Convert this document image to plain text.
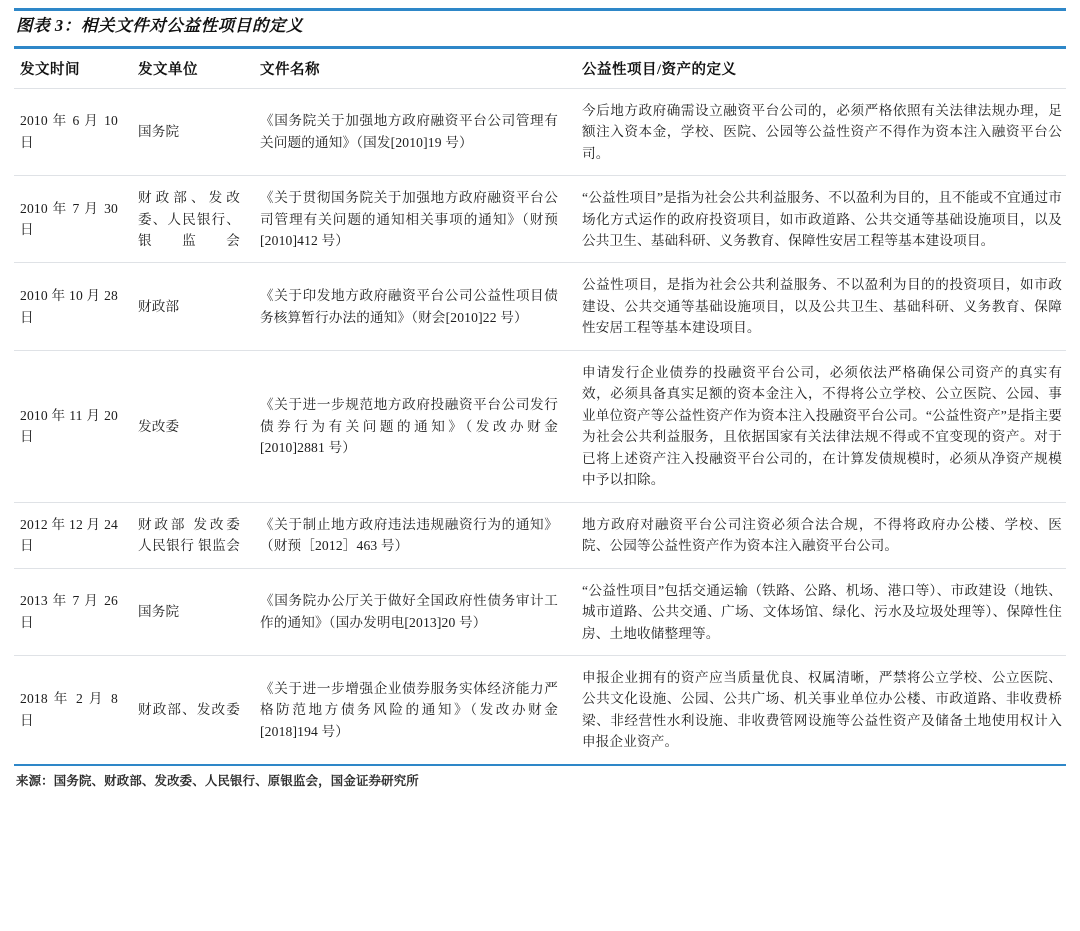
图表 3：相关文件对公益性项目的定义
发文时间	发文单位	文件名称	公益性项目/资产的定义
2010 年 6 月 10 日	国务院	《国务院关于加强地方政府融资平台公司管理有关问题的通知》（国发[2010]19 号）	今后地方政府确需设立融资平台公司的，必须严格依照有关法律法规办理，足额注入资本金，学校、医院、公园等公益性资产不得作为资本注入融资平台公司。
2010 年 7 月 30 日	财政部、发改委、人民银行、银监会	《关于贯彻国务院关于加强地方政府融资平台公司管理有关问题的通知相关事项的通知》（财预[2010]412 号）	“公益性项目”是指为社会公共利益服务、不以盈利为目的，且不能或不宜通过市场化方式运作的政府投资项目，如市政道路、公共交通等基础设施项目，以及公共卫生、基础科研、义务教育、保障性安居工程等基本建设项目。
2010 年 10 月 28 日	财政部	《关于印发地方政府融资平台公司公益性项目债务核算暂行办法的通知》（财会[2010]22 号）	公益性项目，是指为社会公共利益服务、不以盈利为目的的投资项目，如市政建设、公共交通等基础设施项目，以及公共卫生、基础科研、义务教育、保障性安居工程等基本建设项目。
2010 年 11 月 20 日	发改委	《关于进一步规范地方政府投融资平台公司发行债券行为有关问题的通知》（发改办财金[2010]2881 号）	申请发行企业债券的投融资平台公司，必须依法严格确保公司资产的真实有效，必须具备真实足额的资本金注入，不得将公立学校、公立医院、公园、事业单位资产等公益性资产作为资本注入投融资平台公司。“公益性资产”是指主要为社会公共利益服务，且依据国家有关法律法规不得或不宜变现的资产。对于已将上述资产注入投融资平台公司的，在计算发债规模时，必须从净资产规模中予以扣除。
2012 年 12 月 24 日	财政部 发改委 人民银行 银监会	《关于制止地方政府违法违规融资行为的通知》（财预［2012］463 号）	地方政府对融资平台公司注资必须合法合规，不得将政府办公楼、学校、医院、公园等公益性资产作为资本注入融资平台公司。
2013 年 7 月 26 日	国务院	《国务院办公厅关于做好全国政府性债务审计工作的通知》（国办发明电[2013]20 号）	“公益性项目”包括交通运输（铁路、公路、机场、港口等）、市政建设（地铁、城市道路、公共交通、广场、文体场馆、绿化、污水及垃圾处理等）、保障性住房、土地收储整理等。
2018 年 2 月 8 日	财政部、发改委	《关于进一步增强企业债券服务实体经济能力严格防范地方债务风险的通知》（发改办财金[2018]194 号）	申报企业拥有的资产应当质量优良、权属清晰，严禁将公立学校、公立医院、公共文化设施、公园、公共广场、机关事业单位办公楼、市政道路、非收费桥梁、非经营性水利设施、非收费管网设施等公益性资产及储备土地使用权计入申报企业资产。
来源：国务院、财政部、发改委、人民银行、原银监会，国金证券研究所
